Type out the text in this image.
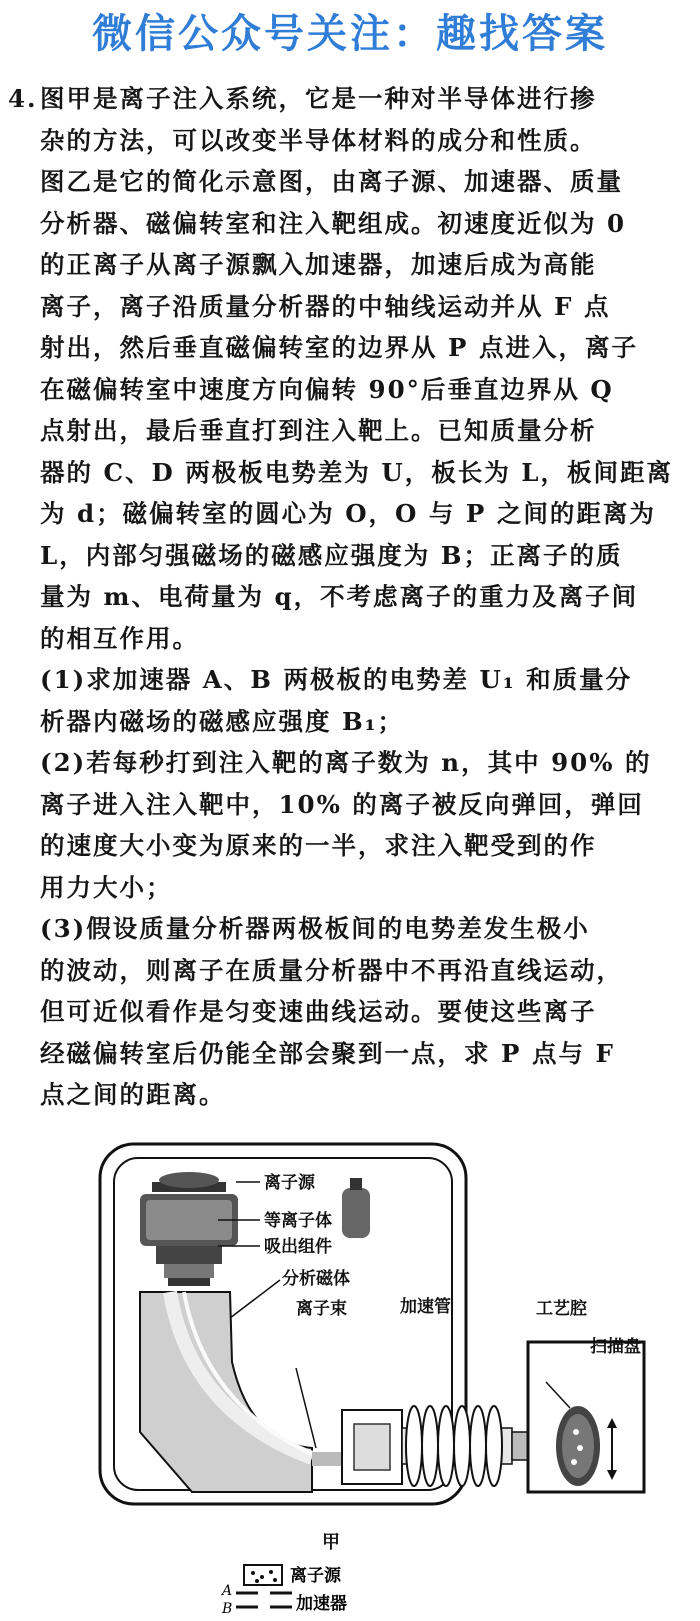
微信公众号关注：趣找答案

4.图甲是离子注入系统，它是一种对半导体进行掺

杂的方法，可以改变半导体材料的成分和性质。

图乙是它的简化示意图，由离子源、加速器、质量

分析器、磁偏转室和注入靶组成。初速度近似为 0

的正离子从离子源飘入加速器，加速后成为高能

离子，离子沿质量分析器的中轴线运动并从 F 点

射出，然后垂直磁偏转室的边界从 P 点进入，离子

在磁偏转室中速度方向偏转 90°后垂直边界从 Q

点射出，最后垂直打到注入靶上。已知质量分析

器的 C、D 两极板电势差为 U，板长为 L，板间距离

为 d；磁偏转室的圆心为 O，O 与 P 之间的距离为

L，内部匀强磁场的磁感应强度为 B；正离子的质

量为 m、电荷量为 q，不考虑离子的重力及离子间

的相互作用。

(1)求加速器 A、B 两极板的电势差 U₁ 和质量分

析器内磁场的磁感应强度 B₁；

(2)若每秒打到注入靶的离子数为 n，其中 90% 的

离子进入注入靶中，10% 的离子被反向弹回，弹回

的速度大小变为原来的一半，求注入靶受到的作

用力大小；

(3)假设质量分析器两极板间的电势差发生极小

的波动，则离子在质量分析器中不再沿直线运动，

但可近似看作是匀变速曲线运动。要使这些离子

经磁偏转室后仍能全部会聚到一点，求 P 点与 F

点之间的距离。

离子源
等离子体
吸出组件
分析磁体
离子束	加速管	工艺腔
扫描盘
甲
A
B
离子源
加速器
